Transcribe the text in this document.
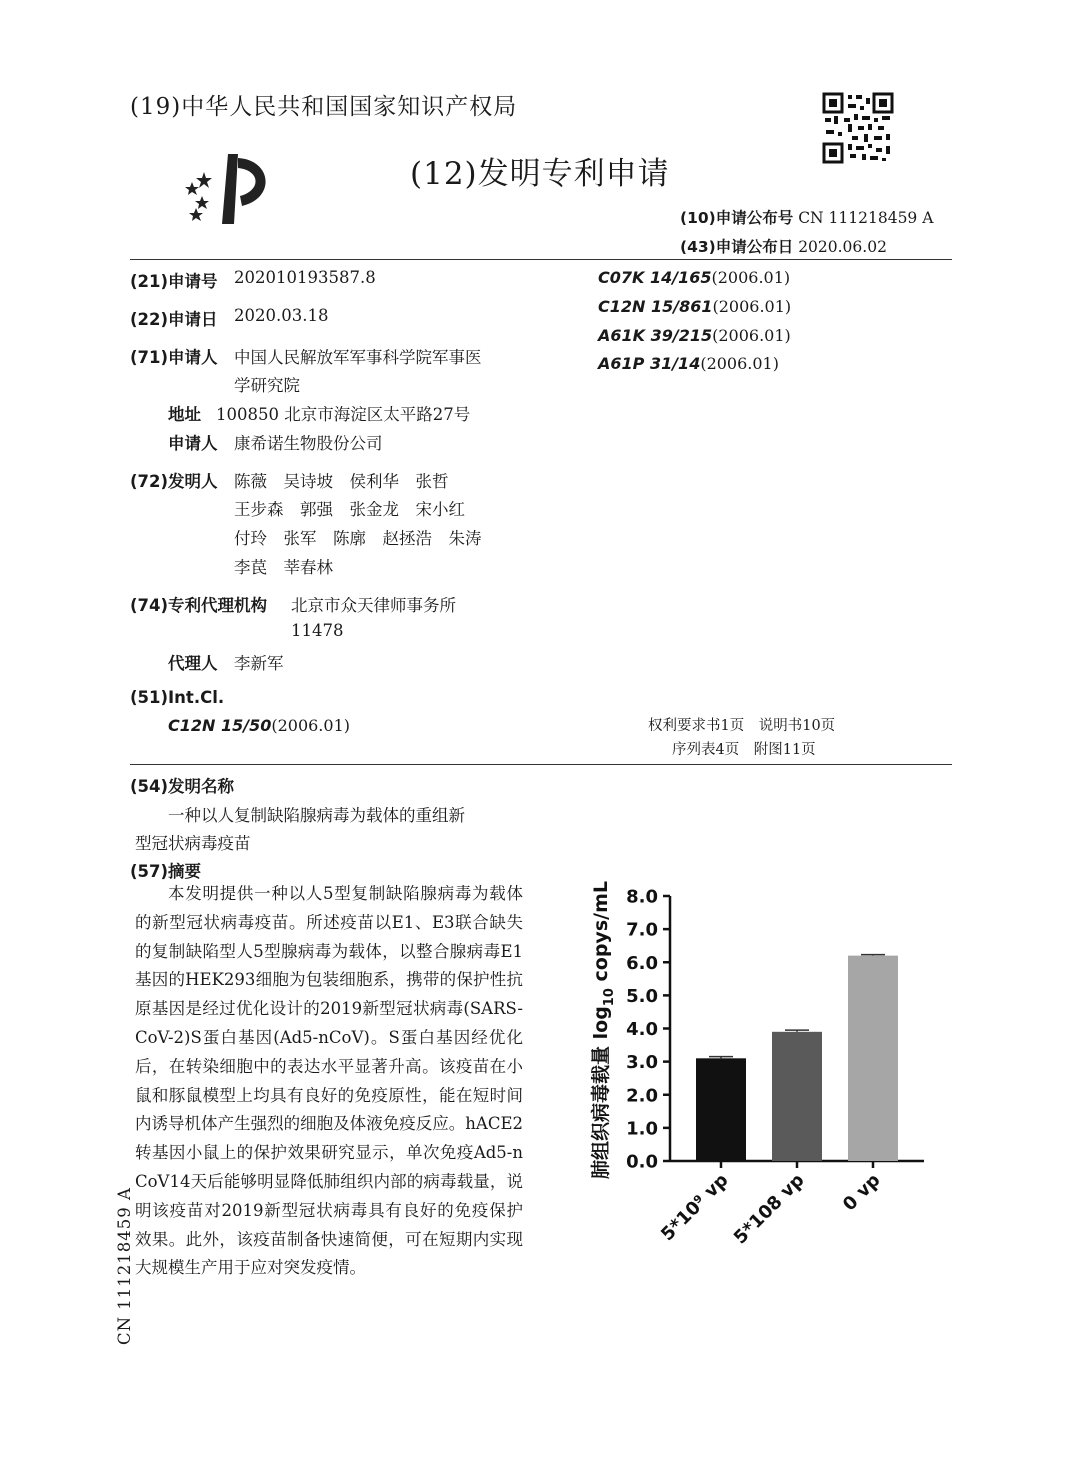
(19)中华人民共和国国家知识产权局
(12)发明专利申请
(10)申请公布号 CN 111218459 A
(43)申请公布日 2020.06.02
(21)申请号 202010193587.8
(22)申请日 2020.03.18
(71)申请人 中国人民解放军军事科学院军事医
学研究院
地址 100850 北京市海淀区太平路27号
申请人 康希诺生物股份公司
(72)发明人 陈薇　吴诗坡　侯利华　张哲
王步森　郭强　张金龙　宋小红
付玲　张军　陈廓　赵拯浩　朱涛
李苠　莘春林
(74)专利代理机构 北京市众天律师事务所
11478
代理人 李新军
(51)Int.Cl.
C12N 15/50(2006.01)
C07K 14/165(2006.01)
C12N 15/861(2006.01)
A61K 39/215(2006.01)
A61P 31/14(2006.01)
权利要求书1页　说明书10页
序列表4页　附图11页
(54)发明名称
一种以人复制缺陷腺病毒为载体的重组新
型冠状病毒疫苗
(57)摘要

本发明提供一种以人5型复制缺陷腺病毒为载体的新型冠状病毒疫苗。所述疫苗以E1、E3联合缺失的复制缺陷型人5型腺病毒为载体，以整合腺病毒E1基因的HEK293细胞为包装细胞系，携带的保护性抗原基因是经过优化设计的2019新型冠状病毒(SARS-CoV-2)S蛋白基因(Ad5-nCoV)。S蛋白基因经优化后，在转染细胞中的表达水平显著升高。该疫苗在小鼠和豚鼠模型上均具有良好的免疫原性，能在短时间内诱导机体产生强烈的细胞及体液免疫反应。hACE2转基因小鼠上的保护效果研究显示，单次免疫Ad5-nCoV14天后能够明显降低肺组织内部的病毒载量，说明该疫苗对2019新型冠状病毒具有良好的免疫保护效果。此外，该疫苗制备快速简便，可在短期内实现大规模生产用于应对突发疫情。

CN 111218459 A
0.0
1.0
2.0
3.0
4.0
5.0
6.0
7.0
8.0
5*10⁹ vp
5*108 vp 0 vp
肺组织病毒载量 $\log_{10}$ copys/mL
